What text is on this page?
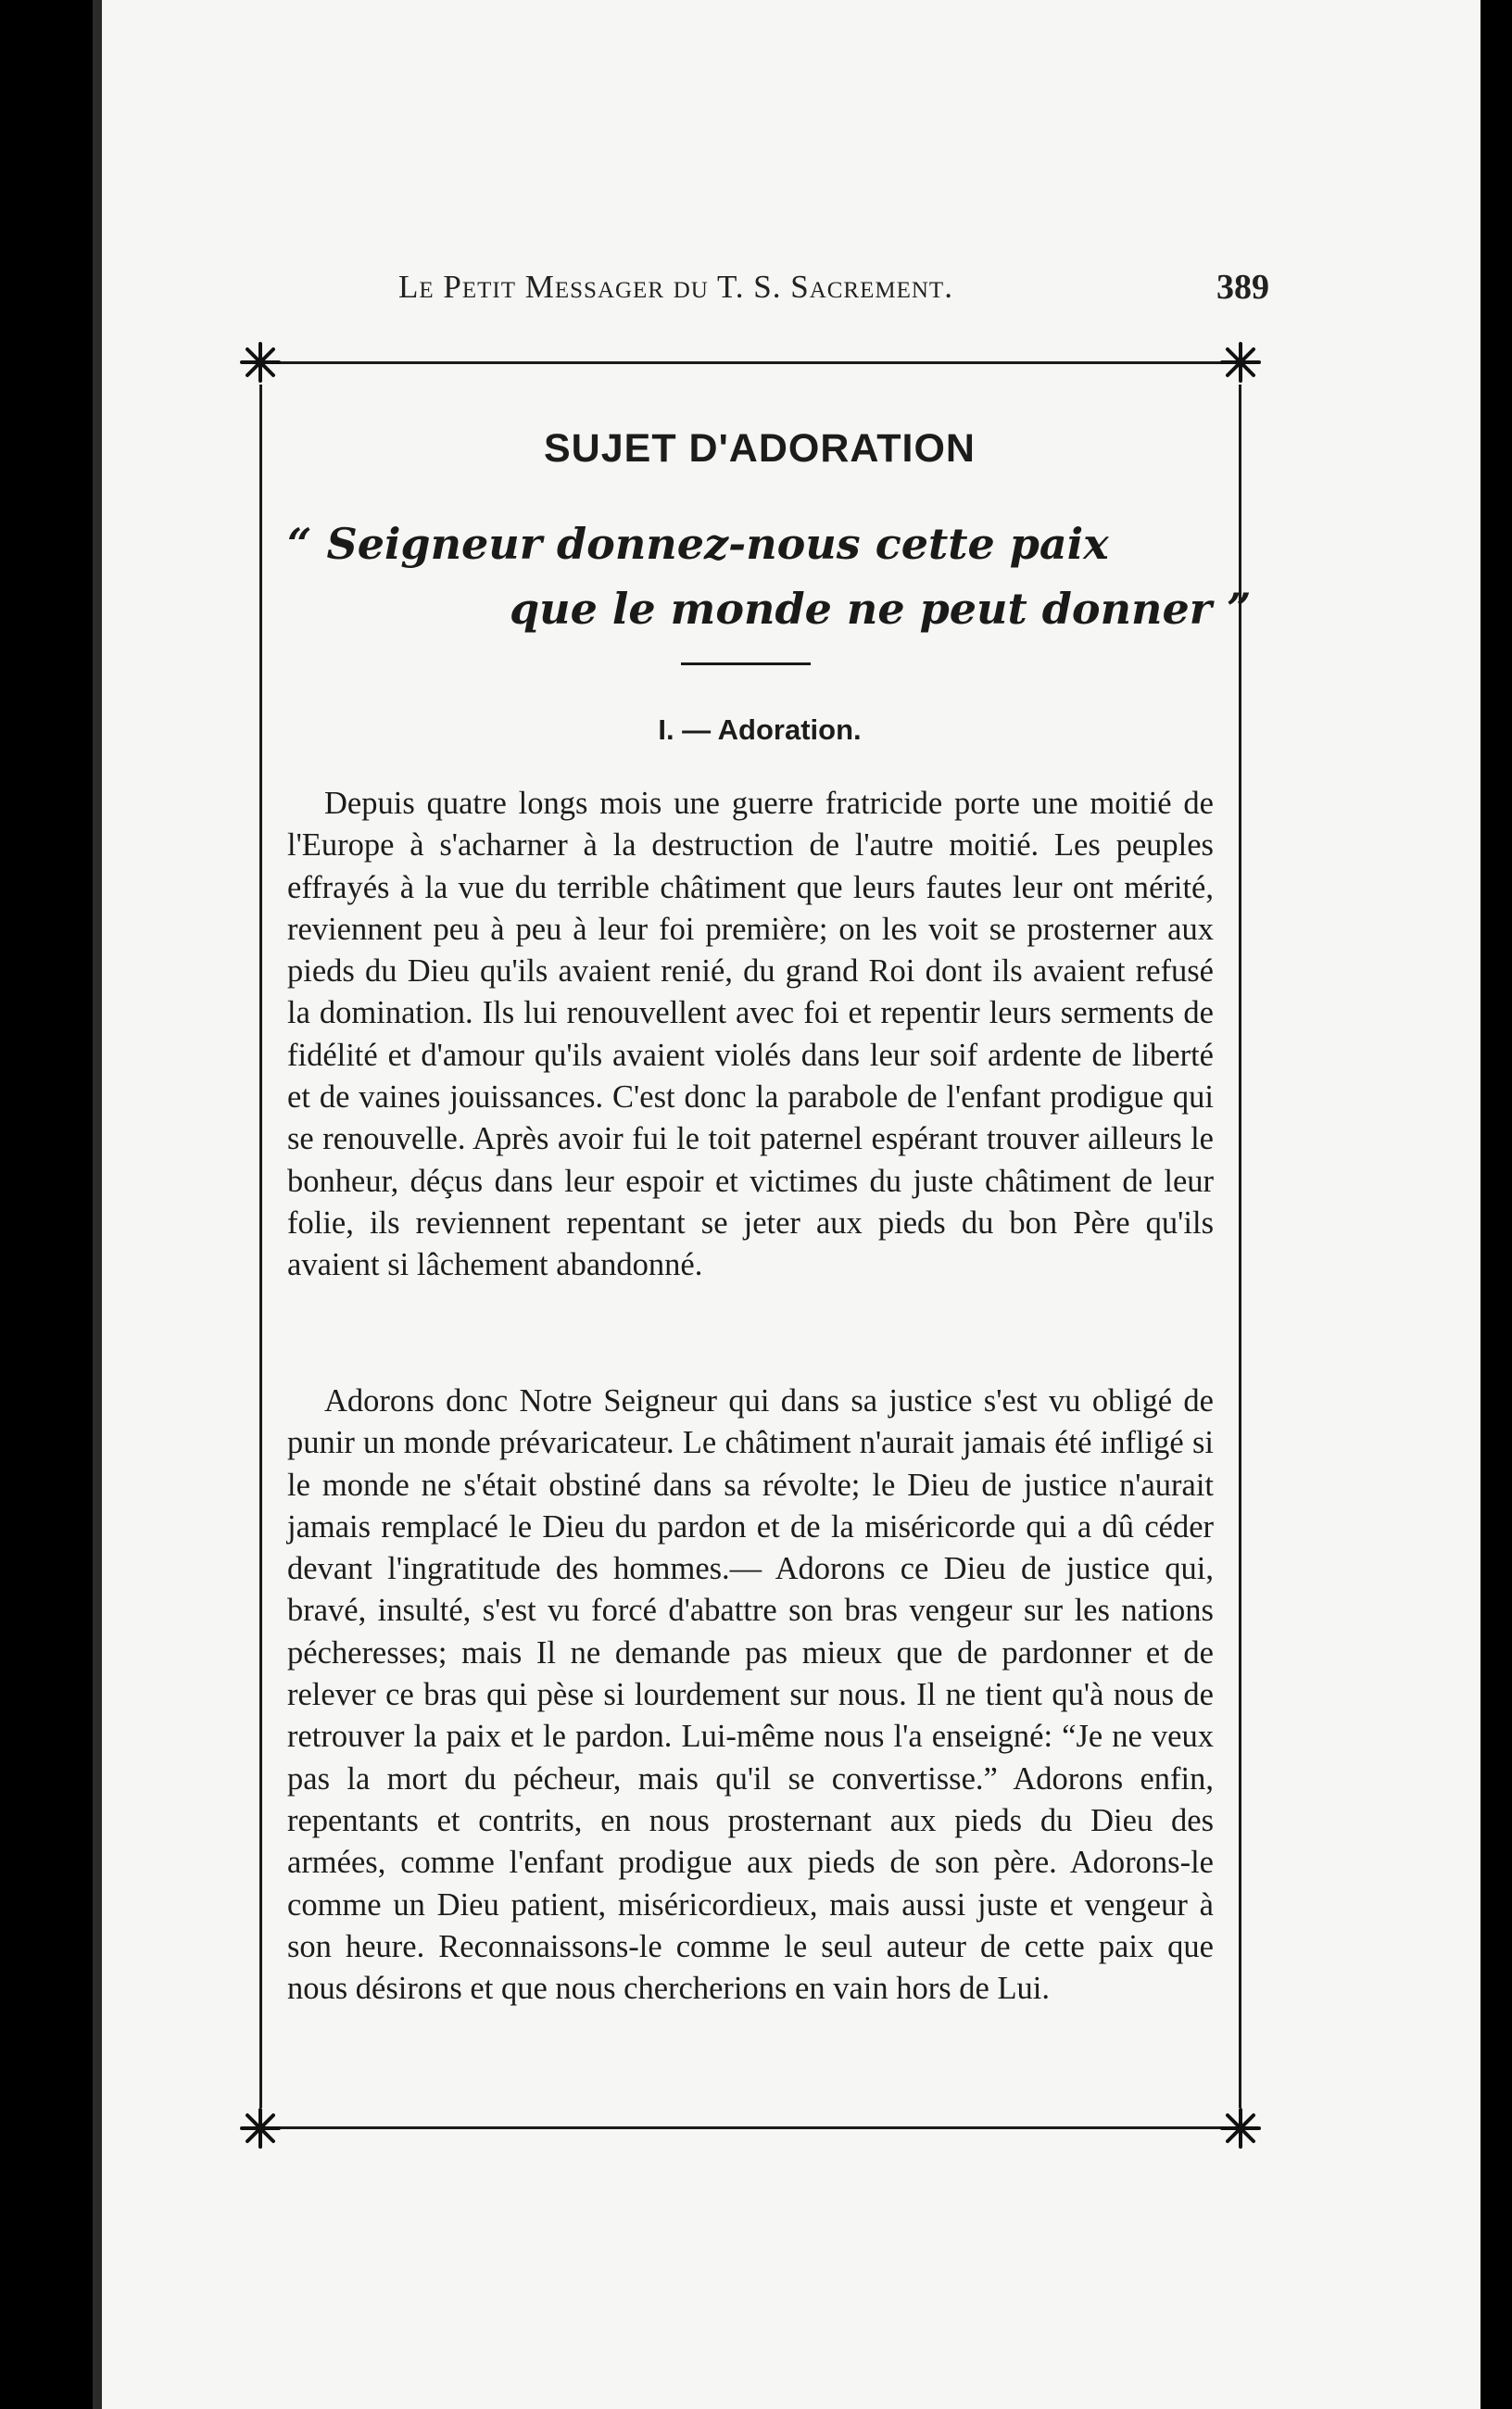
Le Petit Messager du T. S. Sacrement.	389
SUJET D'ADORATION
“ Seigneur donnez-nous cette paix
que le monde ne peut donner ”
I. — Adoration.

Depuis quatre longs mois une guerre fratricide porte une moitié de l'Europe à s'acharner à la destruction de l'autre moitié. Les peuples effrayés à la vue du terrible châtiment que leurs fautes leur ont mérité, reviennent peu à peu à leur foi première; on les voit se prosterner aux pieds du Dieu qu'ils avaient renié, du grand Roi dont ils avaient refusé la domination. Ils lui renouvellent avec foi et repentir leurs serments de fidélité et d'amour qu'ils avaient violés dans leur soif ardente de liberté et de vaines jouissances. C'est donc la parabole de l'enfant prodigue qui se renouvelle. Après avoir fui le toit paternel espérant trouver ailleurs le bonheur, déçus dans leur espoir et victimes du juste châtiment de leur folie, ils reviennent repentant se jeter aux pieds du bon Père qu'ils avaient si lâchement abandonné.

Adorons donc Notre Seigneur qui dans sa justice s'est vu obligé de punir un monde prévaricateur. Le châtiment n'aurait jamais été infligé si le monde ne s'était obstiné dans sa révolte; le Dieu de justice n'aurait jamais remplacé le Dieu du pardon et de la miséricorde qui a dû céder devant l'ingratitude des hommes.— Adorons ce Dieu de justice qui, bravé, insulté, s'est vu forcé d'abattre son bras vengeur sur les nations pécheresses; mais Il ne demande pas mieux que de pardonner et de relever ce bras qui pèse si lourdement sur nous. Il ne tient qu'à nous de retrouver la paix et le pardon. Lui-même nous l'a enseigné: “Je ne veux pas la mort du pécheur, mais qu'il se convertisse.” Adorons enfin, repentants et contrits, en nous prosternant aux pieds du Dieu des armées, comme l'enfant prodigue aux pieds de son père. Adorons-le comme un Dieu patient, miséricordieux, mais aussi juste et vengeur à son heure. Reconnaissons-le comme le seul auteur de cette paix que nous désirons et que nous chercherions en vain hors de Lui.
